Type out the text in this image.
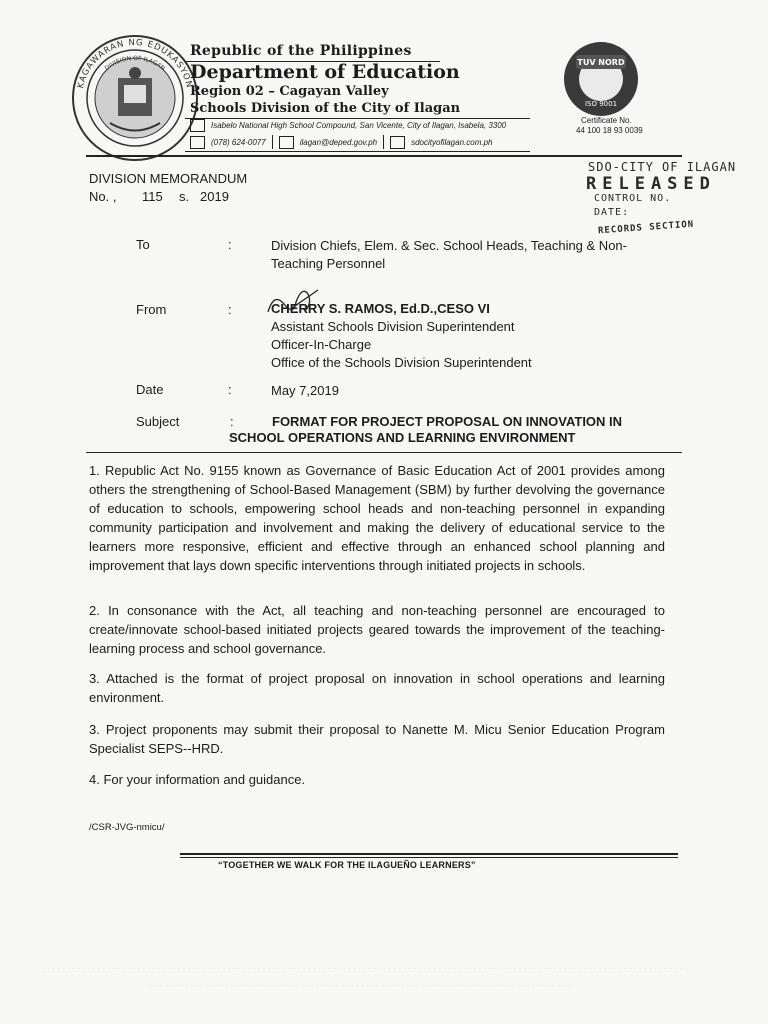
KAGAWARAN NG EDUKASYON
DIVISION OF ILAGAN
Republic of the Philippines
Department of Education
Region 02 – Cagayan Valley
Schools Division of the City of Ilagan
Isabelo National High School Compound, San Vicente, City of Ilagan, Isabela, 3300
(078) 624-0077	ilagan@deped.gov.ph	sdocityofilagan.com.ph
TUV NORD
ISO 9001
Certificate No.
44 100 18 93 0039
SDO-CITY OF ILAGAN
RELEASED
CONTROL NO.
DATE:
RECORDS SECTION
DIVISION MEMORANDUM
No. ,	115	s. 2019
To	:	Division Chiefs, Elem. & Sec. School Heads, Teaching & Non-Teaching Personnel
From	:	CHERRY S. RAMOS, Ed.D.,CESO VI
Assistant Schools Division Superintendent
Officer-In-Charge
Office of the Schools Division Superintendent
Date	:	May 7,2019
Subject	:	FORMAT FOR PROJECT PROPOSAL ON INNOVATION IN
SCHOOL OPERATIONS AND LEARNING ENVIRONMENT
1. Republic Act No. 9155 known as Governance of Basic Education Act of 2001 provides among others the strengthening of School-Based Management (SBM) by further devolving the governance of education to schools, empowering school heads and non-teaching personnel in expanding community participation and involvement and making the delivery of educational service to the learners more responsive, efficient and effective through an enhanced school planning and improvement that lays down specific interventions through initiated projects in schools.
2. In consonance with the Act, all teaching and non-teaching personnel are encouraged to create/innovate school-based initiated projects geared towards the improvement of the teaching-learning process and school governance.
3. Attached is the format of project proposal on innovation in school operations and learning environment.
3. Project proponents may submit their proposal to Nanette M. Micu Senior Education Program Specialist SEPS--HRD.
4. For your information and guidance.
/CSR-JVG-nmicu/
“TOGETHER WE WALK FOR THE ILAGUEÑO LEARNERS”
